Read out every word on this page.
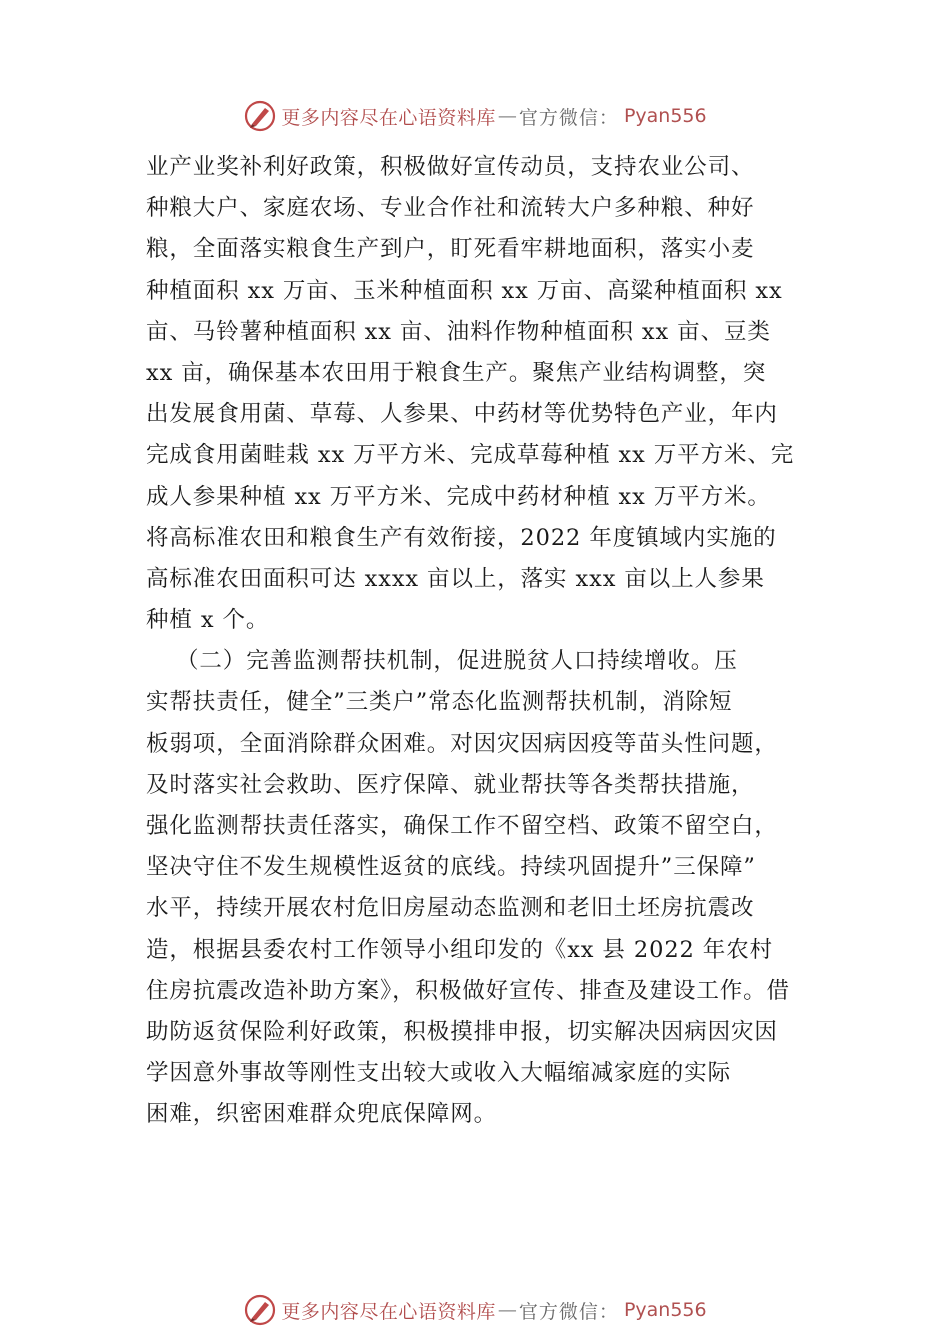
更多内容尽在心语资料库 — 官方微信 ： Pyan556
业产业奖补利好政策，积极做好宣传动员，支持农业公司、
种粮大户、家庭农场、专业合作社和流转大户多种粮、种好
粮，全面落实粮食生产到户，盯死看牢耕地面积，落实小麦
种植面积 xx 万亩、玉米种植面积 xx 万亩、高粱种植面积 xx
亩、马铃薯种植面积 xx 亩、油料作物种植面积 xx 亩、豆类
xx 亩，确保基本农田用于粮食生产。聚焦产业结构调整，突
出发展食用菌、草莓、人参果、中药材等优势特色产业，年内
完成食用菌畦栽 xx 万平方米、完成草莓种植 xx 万平方米、完
成人参果种植 xx 万平方米、完成中药材种植 xx 万平方米。
将高标准农田和粮食生产有效衔接，2022 年度镇域内实施的
高标准农田面积可达 xxxx 亩以上，落实 xxx 亩以上人参果
种植 x 个。
（二）完善监测帮扶机制，促进脱贫人口持续增收。压
实帮扶责任，健全”三类户”常态化监测帮扶机制，消除短
板弱项，全面消除群众困难。对因灾因病因疫等苗头性问题，
及时落实社会救助、医疗保障、就业帮扶等各类帮扶措施，
强化监测帮扶责任落实，确保工作不留空档、政策不留空白，
坚决守住不发生规模性返贫的底线。持续巩固提升”三保障”
水平，持续开展农村危旧房屋动态监测和老旧土坯房抗震改
造，根据县委农村工作领导小组印发的《xx 县 2022 年农村
住房抗震改造补助方案》，积极做好宣传、排查及建设工作。借
助防返贫保险利好政策，积极摸排申报，切实解决因病因灾因
学因意外事故等刚性支出较大或收入大幅缩减家庭的实际
困难，织密困难群众兜底保障网。
更多内容尽在心语资料库 — 官方微信 ： Pyan556
